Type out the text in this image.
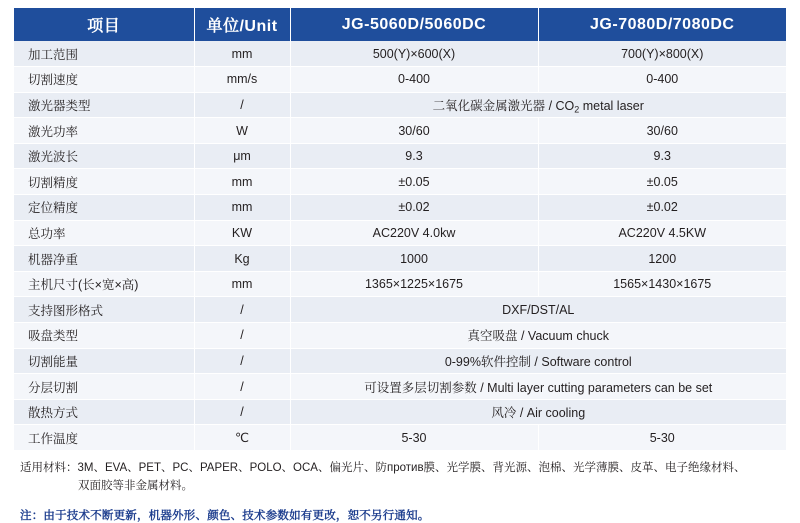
项目	单位/Unit	JG-5060D/5060DC	JG-7080D/7080DC
加工范围	mm	500(Y)×600(X)	700(Y)×800(X)
切割速度	mm/s	0-400	0-400
激光器类型	/	二氧化碳金属激光器 / $CO_2$ metal laser	
激光功率	W	30/60	30/60
激光波长	μm	9.3	9.3
切割精度	mm	±0.05	±0.05
定位精度	mm	±0.02	±0.02
总功率	KW	AC220V 4.0kw	AC220V 4.5KW
机器净重	Kg	1000	1200
主机尺寸(长×宽×高)	mm	1365×1225×1675	1565×1430×1675
支持图形格式	/	DXF/DST/AL	
吸盘类型	/	真空吸盘 / Vacuum chuck	
切割能量	/	0-99%软件控制 / Software control	
分层切割	/	可设置多层切割参数 / Multi layer cutting parameters can be set	
散热方式	/	风冷 / Air cooling	
工作温度	℃	5-30	5-30
适用材料：3M、EVA、PET、PC、PAPER、POLO、OCA、偏光片、防против膜、光学膜、背光源、泡棉、光学薄膜、皮革、电子绝缘材料、
双面胶等非金属材料。
注：由于技术不断更新，机器外形、颜色、技术参数如有更改，恕不另行通知。
